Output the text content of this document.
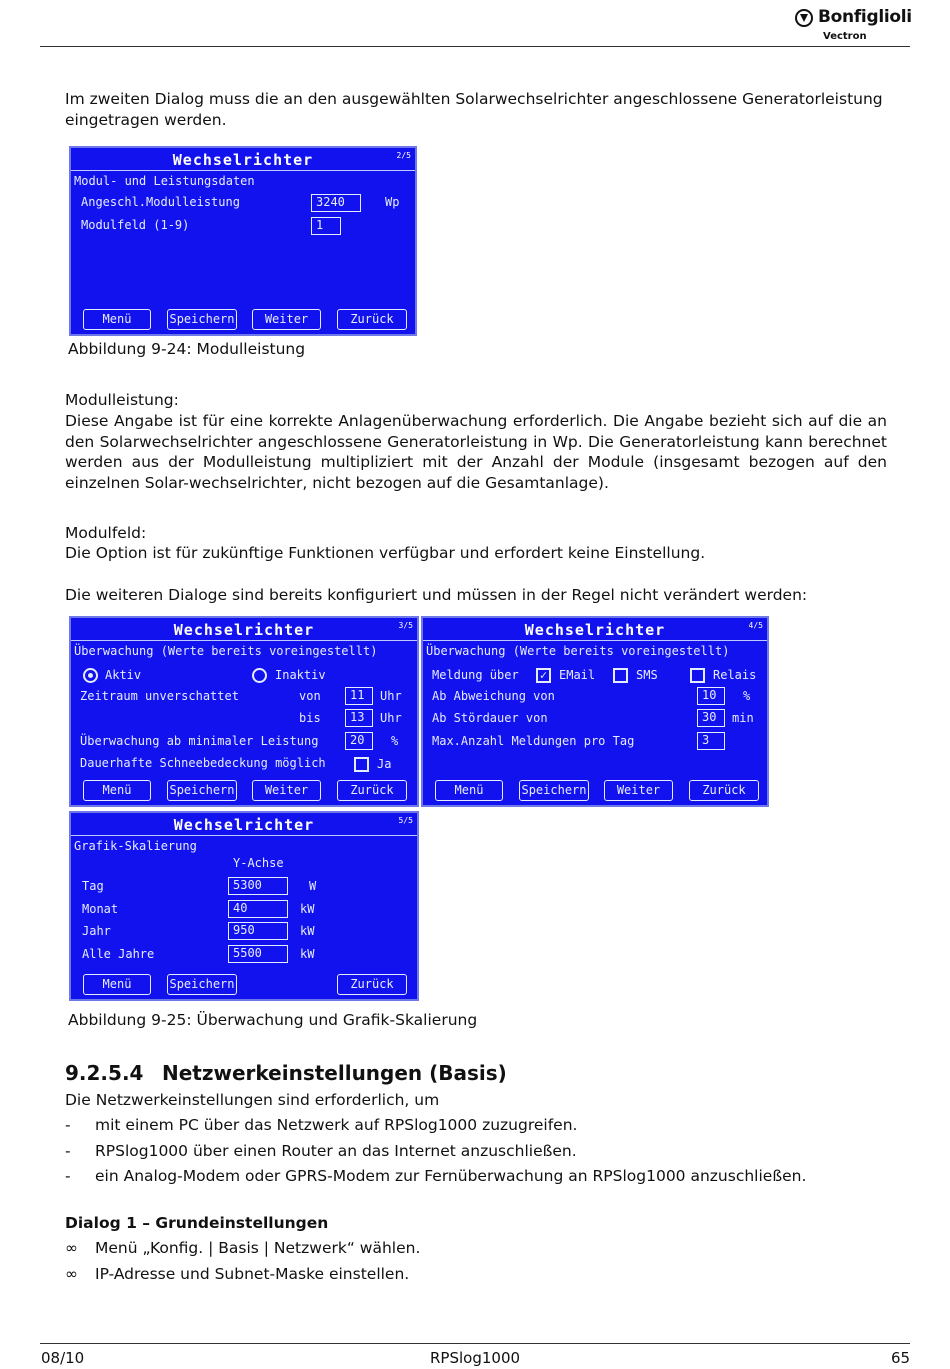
Bonfiglioli
Vectron
Im zweiten Dialog muss die an den ausgewählten Solarwechselrichter angeschlossene Generatorleistung eingetragen werden.
Wechselrichter	2/5
Modul- und Leistungsdaten
Angeschl.Modulleistung	3240	Wp
Modulfeld (1-9)	1
Menü	Speichern	Weiter	Zurück
Abbildung 9-24: Modulleistung
Modulleistung:
Diese Angabe ist für eine korrekte Anlagenüberwachung erforderlich. Die Angabe bezieht sich auf die an den Solarwechselrichter angeschlossene Generatorleistung in Wp. Die Generatorleistung kann berechnet werden aus der Modulleistung multipliziert mit der Anzahl der Module (insgesamt bezogen auf den einzelnen Solar-wechselrichter, nicht bezogen auf die Gesamtanlage).
Modulfeld:
Die Option ist für zukünftige Funktionen verfügbar und erfordert keine Einstellung.
Die weiteren Dialoge sind bereits konfiguriert und müssen in der Regel nicht verändert werden:
Wechselrichter	3/5
Überwachung (Werte bereits voreingestellt)
Aktiv	Inaktiv
Zeitraum unverschattet	von	11	Uhr
bis	13	Uhr
Überwachung ab minimaler Leistung	20	%
Dauerhafte Schneebedeckung möglich	Ja
Menü	Speichern	Weiter	Zurück
Wechselrichter	4/5
Überwachung (Werte bereits voreingestellt)
Meldung über	✓ EMail	SMS	Relais
Ab Abweichung von	10	%
Ab Stördauer von	30	min
Max.Anzahl Meldungen pro Tag	3
Menü	Speichern	Weiter	Zurück
Wechselrichter	5/5
Grafik-Skalierung
Y-Achse
Tag	5300	W
Monat	40	kW
Jahr	950	kW
Alle Jahre	5500	kW
Menü	Speichern	Zurück
Abbildung 9-25: Überwachung und Grafik-Skalierung
9.2.5.4 Netzwerkeinstellungen (Basis)
Die Netzwerkeinstellungen sind erforderlich, um
- mit einem PC über das Netzwerk auf RPSlog1000 zuzugreifen.
- RPSlog1000 über einen Router an das Internet anzuschließen.
- ein Analog-Modem oder GPRS-Modem zur Fernüberwachung an RPSlog1000 anzuschließen.
Dialog 1 – Grundeinstellungen
∞ Menü „Konfig. | Basis | Netzwerk“ wählen.
∞ IP-Adresse und Subnet-Maske einstellen.
08/10	RPSlog1000	65
